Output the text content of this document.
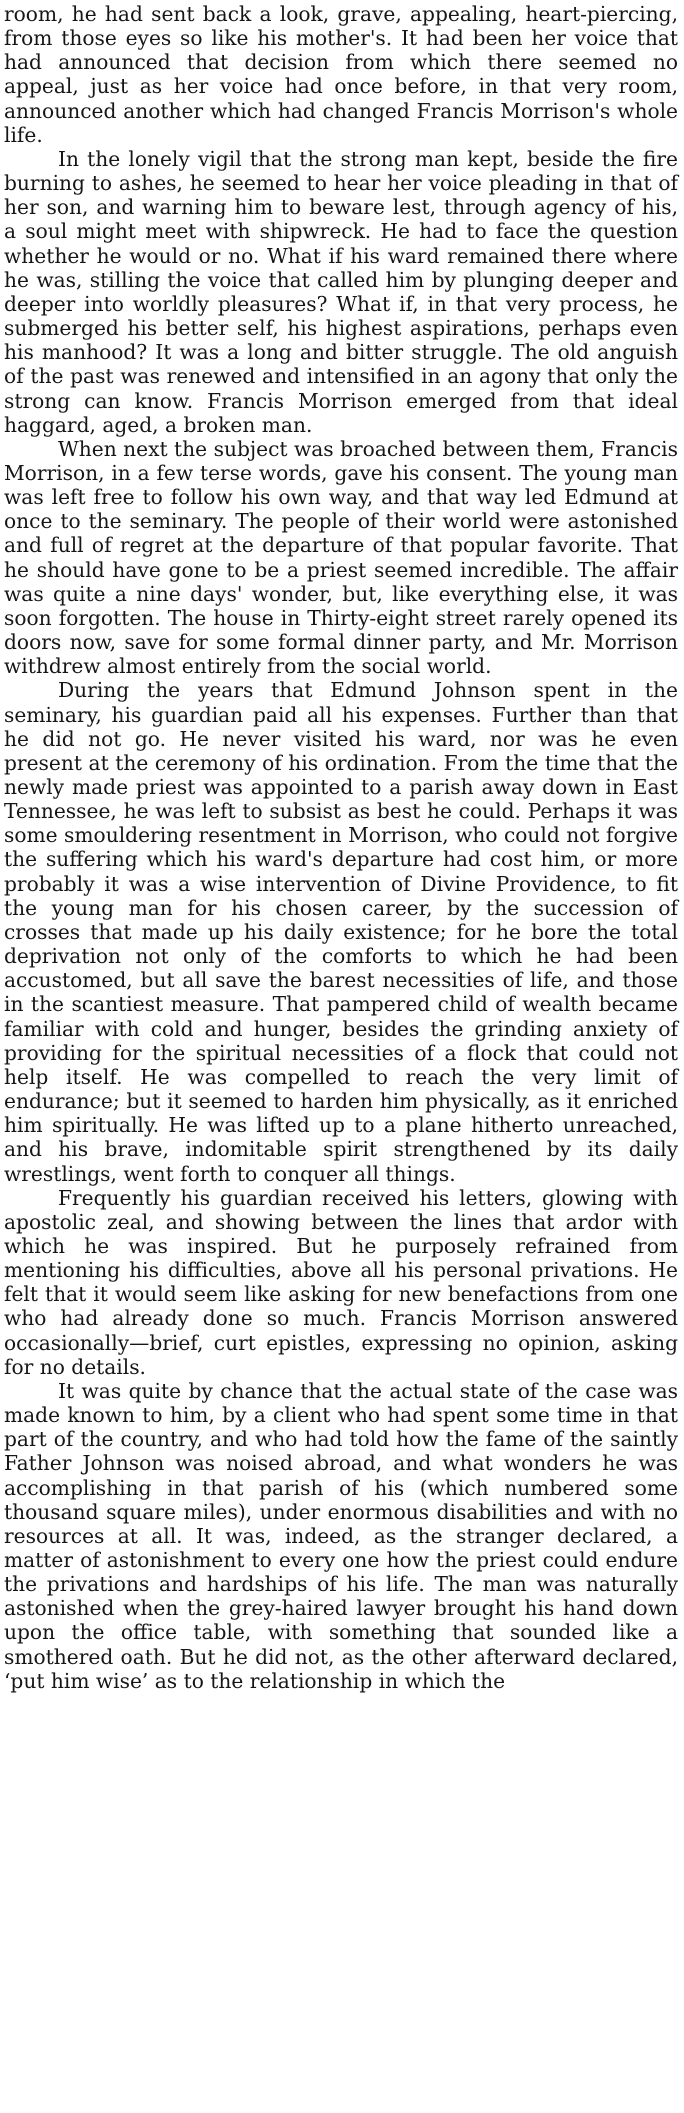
room, he had sent back a look, grave, appealing, heart-piercing, from those eyes so like his mother's. It had been her voice that had announced that decision from which there seemed no appeal, just as her voice had once before, in that very room, announced another which had changed Francis Morrison's whole life.

In the lonely vigil that the strong man kept, beside the fire burning to ashes, he seemed to hear her voice pleading in that of her son, and warning him to beware lest, through agency of his, a soul might meet with shipwreck. He had to face the question whether he would or no. What if his ward remained there where he was, stilling the voice that called him by plunging deeper and deeper into worldly pleasures? What if, in that very process, he submerged his better self, his highest aspirations, perhaps even his manhood? It was a long and bitter struggle. The old anguish of the past was renewed and intensified in an agony that only the strong can know. Francis Morrison emerged from that ideal haggard, aged, a broken man.

When next the subject was broached between them, Francis Morrison, in a few terse words, gave his consent. The young man was left free to follow his own way, and that way led Edmund at once to the seminary. The people of their world were astonished and full of regret at the departure of that popular favorite. That he should have gone to be a priest seemed incredible. The affair was quite a nine days' wonder, but, like everything else, it was soon forgotten. The house in Thirty-eight street rarely opened its doors now, save for some formal dinner party, and Mr. Morrison withdrew almost entirely from the social world.

During the years that Edmund Johnson spent in the seminary, his guardian paid all his expenses. Further than that he did not go. He never visited his ward, nor was he even present at the ceremony of his ordination. From the time that the newly made priest was appointed to a parish away down in East Tennessee, he was left to subsist as best he could. Perhaps it was some smouldering resentment in Morrison, who could not forgive the suffering which his ward's departure had cost him, or more probably it was a wise intervention of Divine Providence, to fit the young man for his chosen career, by the succession of crosses that made up his daily existence; for he bore the total deprivation not only of the comforts to which he had been accustomed, but all save the barest necessities of life, and those in the scantiest measure. That pampered child of wealth became familiar with cold and hunger, besides the grinding anxiety of providing for the spiritual necessities of a flock that could not help itself. He was compelled to reach the very limit of endurance; but it seemed to harden him physically, as it enriched him spiritually. He was lifted up to a plane hitherto unreached, and his brave, indomitable spirit strengthened by its daily wrestlings, went forth to conquer all things.

Frequently his guardian received his letters, glowing with apostolic zeal, and showing between the lines that ardor with which he was inspired. But he purposely refrained from mentioning his difficulties, above all his personal privations. He felt that it would seem like asking for new benefactions from one who had already done so much. Francis Morrison answered occasionally—brief, curt epistles, expressing no opinion, asking for no details.

It was quite by chance that the actual state of the case was made known to him, by a client who had spent some time in that part of the country, and who had told how the fame of the saintly Father Johnson was noised abroad, and what wonders he was accomplishing in that parish of his (which numbered some thousand square miles), under enormous disabilities and with no resources at all. It was, indeed, as the stranger declared, a matter of astonishment to every one how the priest could endure the privations and hardships of his life. The man was naturally astonished when the grey-haired lawyer brought his hand down upon the office table, with something that sounded like a smothered oath. But he did not, as the other afterward declared, ‘put him wise’ as to the relationship in which the
